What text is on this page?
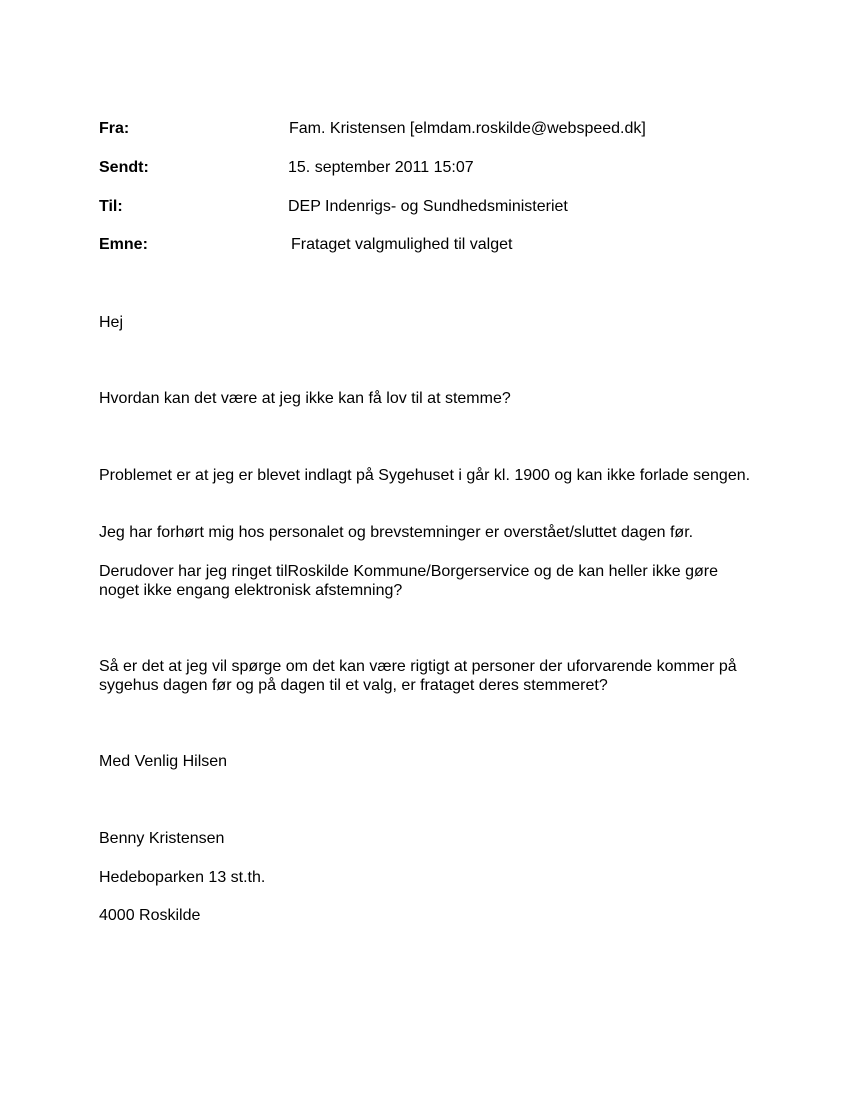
Fra:	Fam. Kristensen [elmdam.roskilde@webspeed.dk]
Sendt:	15. september 2011 15:07
Til:	DEP Indenrigs- og Sundhedsministeriet
Emne:	Frataget valgmulighed til valget
Hej
Hvordan kan det være at jeg ikke kan få lov til at stemme?
Problemet er at jeg er blevet indlagt på Sygehuset i går kl. 1900 og kan ikke forlade sengen.
Jeg har forhørt mig hos personalet og brevstemninger er overstået/sluttet dagen før.
Derudover har jeg ringet tilRoskilde Kommune/Borgerservice og de kan heller ikke gøre noget ikke engang elektronisk afstemning?
Så er det at jeg vil spørge om det kan være rigtigt at personer der uforvarende kommer på sygehus dagen før og på dagen til et valg, er frataget deres stemmeret?
Med Venlig Hilsen
Benny Kristensen
Hedeboparken 13 st.th.
4000 Roskilde
